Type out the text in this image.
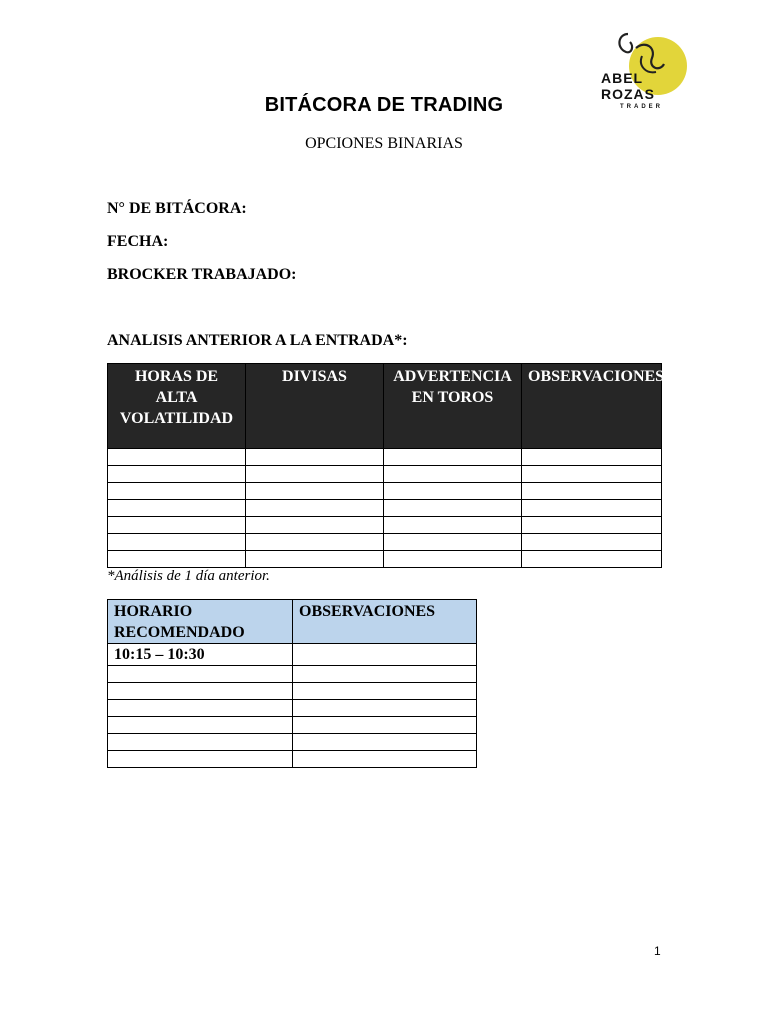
ABEL
ROZAS
TRADER
BITÁCORA DE TRADING
OPCIONES BINARIAS
N° DE BITÁCORA:
FECHA:
BROCKER TRABAJADO:
ANALISIS ANTERIOR A LA ENTRADA*:
HORAS DE ALTA VOLATILIDAD	DIVISAS	ADVERTENCIA EN TOROS	OBSERVACIONES

*Análisis de 1 día anterior.
HORARIO RECOMENDADO	OBSERVACIONES
10:15 – 10:30	

1
